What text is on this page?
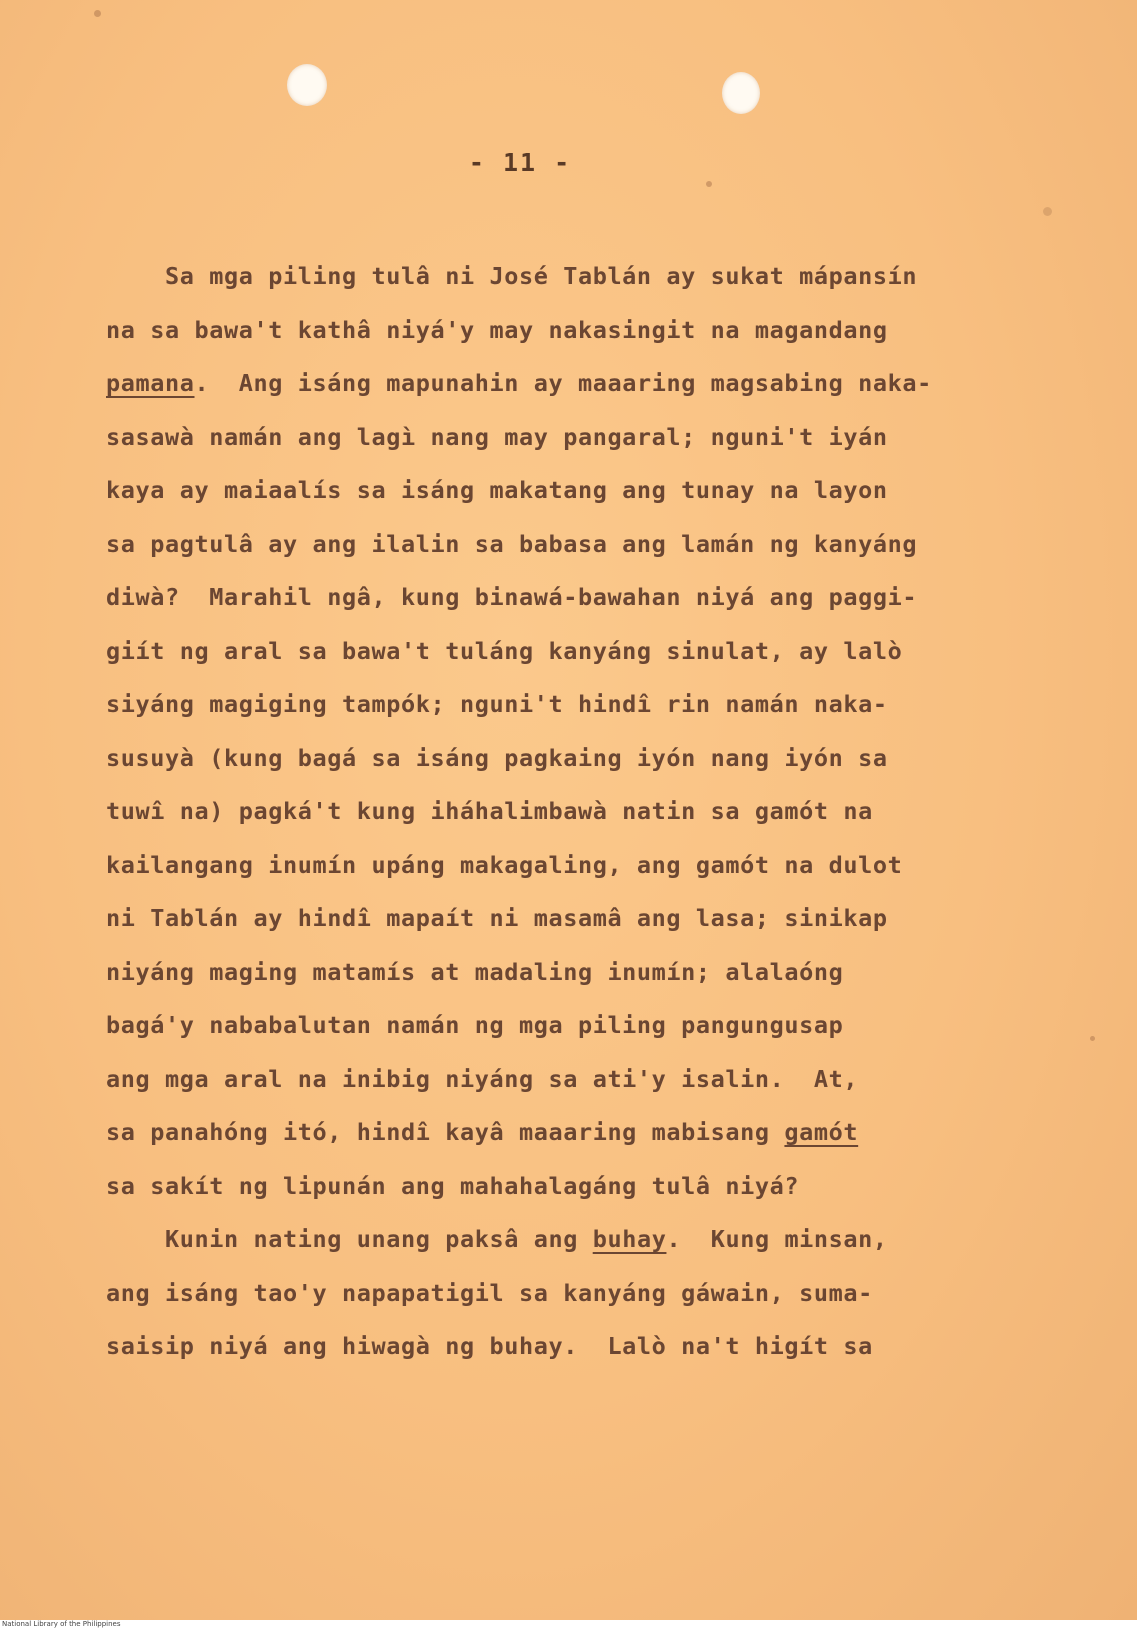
- 11 -
Sa mga piling tulâ ni José Tablán ay sukat mápansín
na sa bawa't kathâ niyá'y may nakasingit na magandang
pamana.  Ang isáng mapunahin ay maaaring magsabing naka-
sasawà namán ang lagì nang may pangaral; nguni't iyán
kaya ay maiaalís sa isáng makatang ang tunay na layon
sa pagtulâ ay ang ilalin sa babasa ang lamán ng kanyáng
diwà?  Marahil ngâ, kung binawá-bawahan niyá ang paggi-
giít ng aral sa bawa't tuláng kanyáng sinulat, ay lalò
siyáng magiging tampók; nguni't hindî rin namán naka-
susuyà (kung bagá sa isáng pagkaing iyón nang iyón sa
tuwî na) pagká't kung iháhalimbawà natin sa gamót na
kailangang inumín upáng makagaling, ang gamót na dulot
ni Tablán ay hindî mapaít ni masamâ ang lasa; sinikap
niyáng maging matamís at madaling inumín; alalaóng
bagá'y nababalutan namán ng mga piling pangungusap
ang mga aral na inibig niyáng sa ati'y isalin.  At,
sa panahóng itó, hindî kayâ maaaring mabisang gamót
sa sakít ng lipunán ang mahahalagáng tulâ niyá?
Kunin nating unang paksâ ang buhay.  Kung minsan,
ang isáng tao'y napapatigil sa kanyáng gáwain, suma-
saisip niyá ang hiwagà ng buhay.  Lalò na't higít sa
National Library of the Philippines
